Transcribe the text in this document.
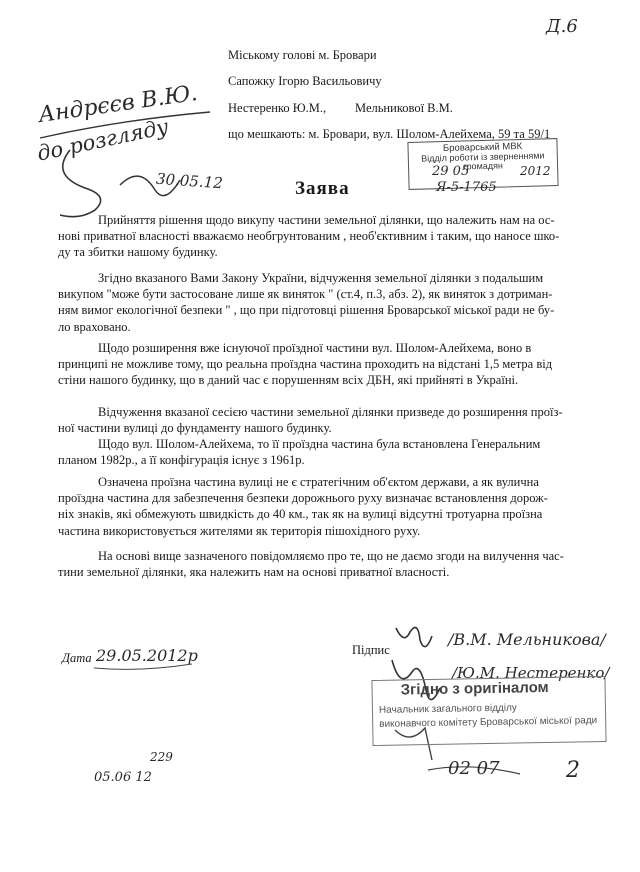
Д.6
Міському голові м. Бровари
Сапожку Ігорю Васильовичу
Нестеренко Ю.М., Мельникової В.М.
що мешкають: м. Бровари, вул. Шолом-Алейхема, 59 та 59/1
Андрєєв В.Ю.
до розгляду
30.05.12
Броварський МВК
Відділ роботи із зверненнями
громадян
29 05	2012
Я-5-1765
Заява
Прийняття рішення щодо викупу частини земельної ділянки, що належить нам на ос-
нові приватної власності вважаємо необгрунтованим , необ'єктивним і таким, що наносе шко-
ду та збитки нашому будинку.
Згідно вказаного Вами Закону України, відчуження земельної ділянки з подальшим
викупом "може бути застосоване лише як виняток " (ст.4, п.3, абз. 2), як виняток з дотриман-
ням вимог екологічної безпеки " , що при підготовці рішення Броварської міської ради не бу-
ло враховано.
Щодо розширення вже існуючої проїздної частини вул. Шолом-Алейхема, воно в
принципі не можливе тому, що реальна проїздна частина проходить на відстані 1,5 метра від
стіни нашого будинку, що в даний час є порушенням всіх ДБН, які прийняті в Україні.
Відчуження вказаної сесією частини земельної ділянки призведе до розширення проїз-
ної частини вулиці до фундаменту нашого будинку.
Щодо вул. Шолом-Алейхема, то її проїздна частина була встановлена Генеральним
планом 1982р., а її конфігурація існує з 1961р.
Означена проїзна частина вулиці не є стратегічним об'єктом держави, а як вулична
проїздна частина для забезпечення безпеки дорожнього руху визначає встановлення дорож-
ніх знаків, які обмежують швидкість до 40 км., так як на вулиці відсутні тротуарна проїзна
частина використовується жителями як територія пішохідного руху.
На основі вище зазначеного повідомляємо про те, що не даємо згоди на вилучення час-
тини земельної ділянки, яка належить нам на основі приватної власності.
Дата 29.05.2012р	Підпис
/В.М. Мельникова/
/Ю.М. Нестеренко/
Згідно з оригіналом
Начальник загального відділу
виконавчого комітету Броварської міської ради
02 07	2
229
05.06 12
